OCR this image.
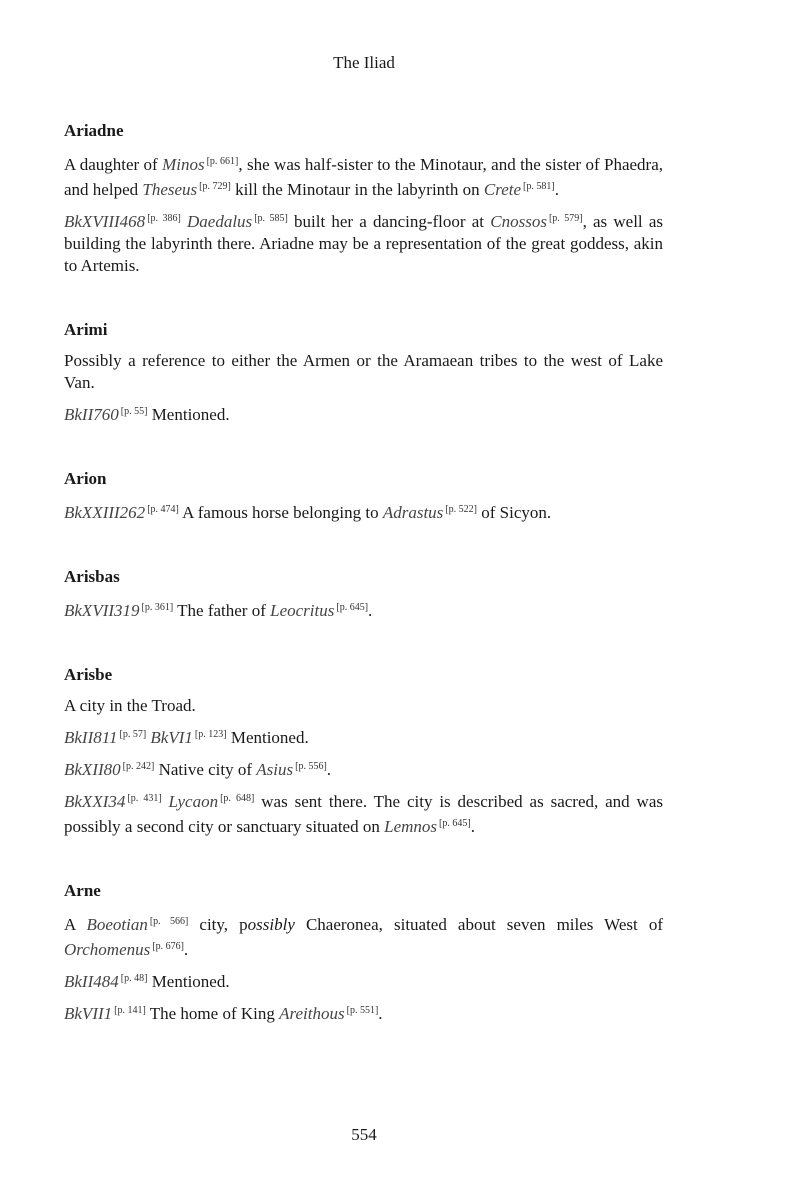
The Iliad
Ariadne

A daughter of Minos [p. 661], she was half-sister to the Minotaur, and the sister of Phaedra, and helped Theseus [p. 729] kill the Minotaur in the labyrinth on Crete [p. 581].

BkXVIII468 [p. 386] Daedalus [p. 585] built her a dancing-floor at Cnossos [p. 579], as well as building the labyrinth there. Ariadne may be a representation of the great goddess, akin to Artemis.

Arimi

Possibly a reference to either the Armen or the Aramaean tribes to the west of Lake Van.

BkII760 [p. 55] Mentioned.

Arion

BkXXIII262 [p. 474] A famous horse belonging to Adrastus [p. 522] of Sicyon.

Arisbas

BkXVII319 [p. 361] The father of Leocritus [p. 645].

Arisbe

A city in the Troad.

BkII811 [p. 57] BkVI1 [p. 123] Mentioned.

BkXII80 [p. 242] Native city of Asius [p. 556].

BkXXI34 [p. 431] Lycaon [p. 648] was sent there. The city is described as sacred, and was possibly a second city or sanctuary situated on Lemnos [p. 645].

Arne

A Boeotian [p. 566] city, possibly Chaeronea, situated about seven miles West of Orchomenus [p. 676].

BkII484 [p. 48] Mentioned.

BkVII1 [p. 141] The home of King Areithous [p. 551].

554
